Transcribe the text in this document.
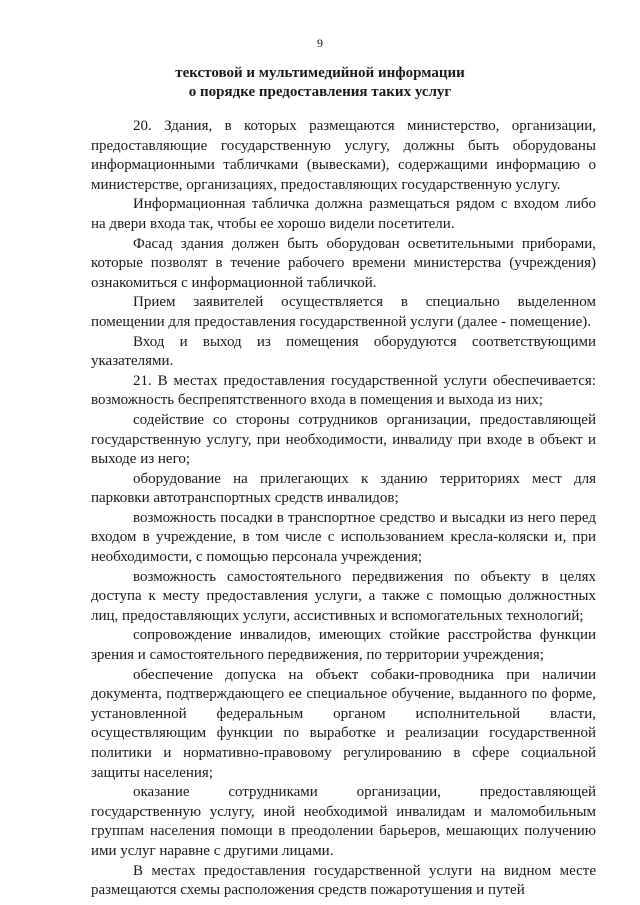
9
текстовой и мультимедийной информации
о порядке предоставления таких услуг

20. Здания, в которых размещаются министерство, организации, предоставляющие государственную услугу, должны быть оборудованы информационными табличками (вывесками), содержащими информацию о министерстве, организациях, предоставляющих государственную услугу.

Информационная табличка должна размещаться рядом с входом либо на двери входа так, чтобы ее хорошо видели посетители.

Фасад здания должен быть оборудован осветительными приборами, которые позволят в течение рабочего времени министерства (учреждения) ознакомиться с информационной табличкой.

Прием заявителей осуществляется в специально выделенном помещении для предоставления государственной услуги (далее - помещение).

Вход и выход из помещения оборудуются соответствующими указателями.

21. В местах предоставления государственной услуги обеспечивается: возможность беспрепятственного входа в помещения и выхода из них;

содействие со стороны сотрудников организации, предоставляющей государственную услугу, при необходимости, инвалиду при входе в объект и выходе из него;

оборудование на прилегающих к зданию территориях мест для парковки автотранспортных средств инвалидов;

возможность посадки в транспортное средство и высадки из него перед входом в учреждение, в том числе с использованием кресла-коляски и, при необходимости, с помощью персонала учреждения;

возможность самостоятельного передвижения по объекту в целях доступа к месту предоставления услуги, а также с помощью должностных лиц, предоставляющих услуги, ассистивных и вспомогательных технологий;

сопровождение инвалидов, имеющих стойкие расстройства функции зрения и самостоятельного передвижения, по территории учреждения;

обеспечение допуска на объект собаки-проводника при наличии документа, подтверждающего ее специальное обучение, выданного по форме, установленной федеральным органом исполнительной власти, осуществляющим функции по выработке и реализации государственной политики и нормативно-правовому регулированию в сфере социальной защиты населения;

оказание сотрудниками организации, предоставляющей государственную услугу, иной необходимой инвалидам и маломобильным группам населения помощи в преодолении барьеров, мешающих получению ими услуг наравне с другими лицами.

В местах предоставления государственной услуги на видном месте размещаются схемы расположения средств пожаротушения и путей
